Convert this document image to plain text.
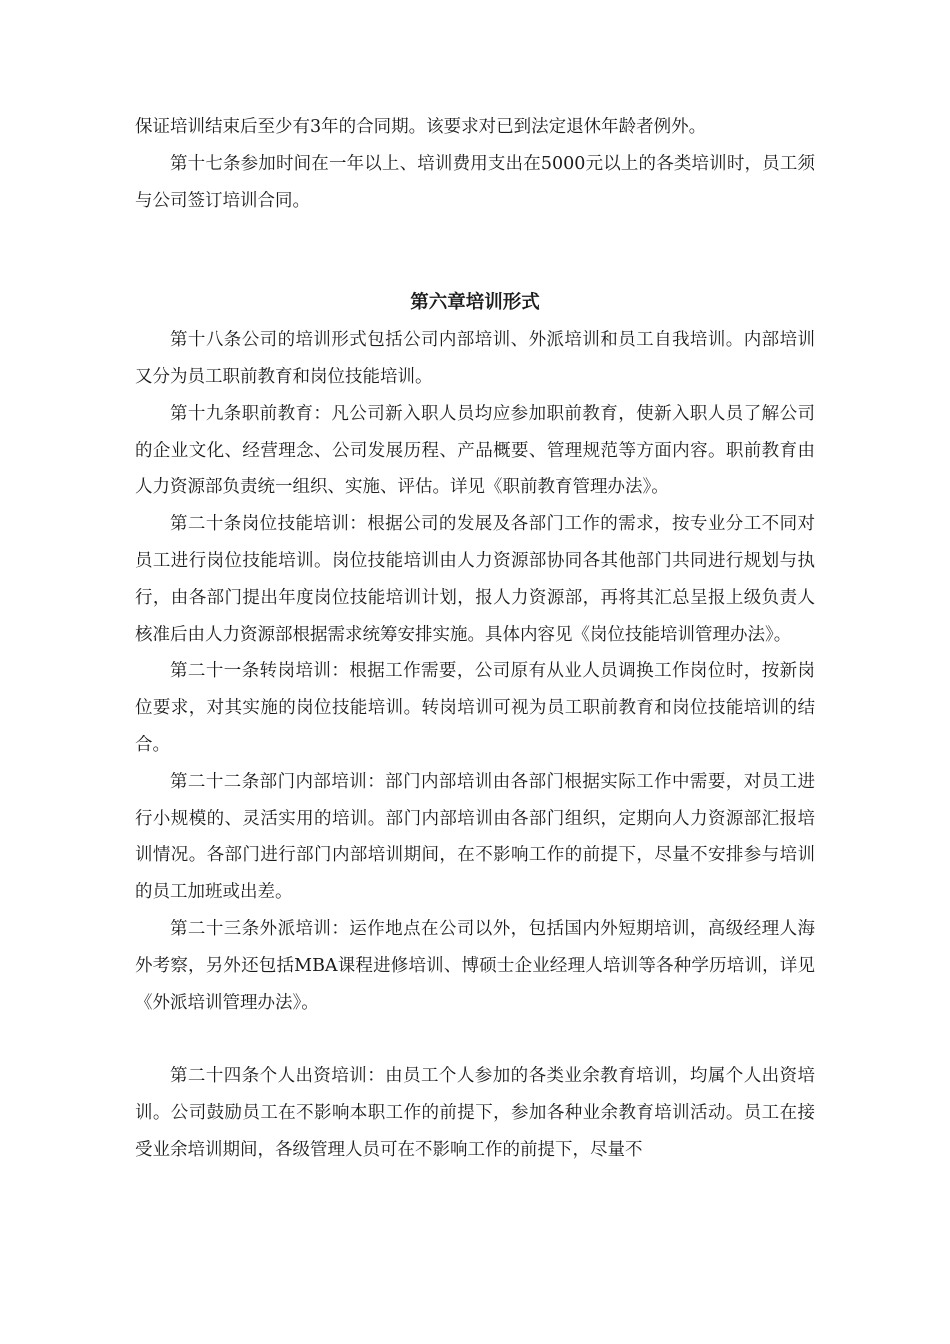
保证培训结束后至少有3年的合同期。该要求对已到法定退休年龄者例外。

第十七条参加时间在一年以上、培训费用支出在5000元以上的各类培训时，员工须与公司签订培训合同。

第六章培训形式

第十八条公司的培训形式包括公司内部培训、外派培训和员工自我培训。内部培训又分为员工职前教育和岗位技能培训。

第十九条职前教育：凡公司新入职人员均应参加职前教育，使新入职人员了解公司的企业文化、经营理念、公司发展历程、产品概要、管理规范等方面内容。职前教育由人力资源部负责统一组织、实施、评估。详见《职前教育管理办法》。

第二十条岗位技能培训：根据公司的发展及各部门工作的需求，按专业分工不同对员工进行岗位技能培训。岗位技能培训由人力资源部协同各其他部门共同进行规划与执行，由各部门提出年度岗位技能培训计划，报人力资源部，再将其汇总呈报上级负责人核准后由人力资源部根据需求统筹安排实施。具体内容见《岗位技能培训管理办法》。

第二十一条转岗培训：根据工作需要，公司原有从业人员调换工作岗位时，按新岗位要求，对其实施的岗位技能培训。转岗培训可视为员工职前教育和岗位技能培训的结合。

第二十二条部门内部培训：部门内部培训由各部门根据实际工作中需要，对员工进行小规模的、灵活实用的培训。部门内部培训由各部门组织，定期向人力资源部汇报培训情况。各部门进行部门内部培训期间，在不影响工作的前提下，尽量不安排参与培训的员工加班或出差。

第二十三条外派培训：运作地点在公司以外，包括国内外短期培训，高级经理人海外考察，另外还包括MBA课程进修培训、博硕士企业经理人培训等各种学历培训，详见《外派培训管理办法》。

第二十四条个人出资培训：由员工个人参加的各类业余教育培训，均属个人出资培训。公司鼓励员工在不影响本职工作的前提下，参加各种业余教育培训活动。员工在接受业余培训期间，各级管理人员可在不影响工作的前提下，尽量不
